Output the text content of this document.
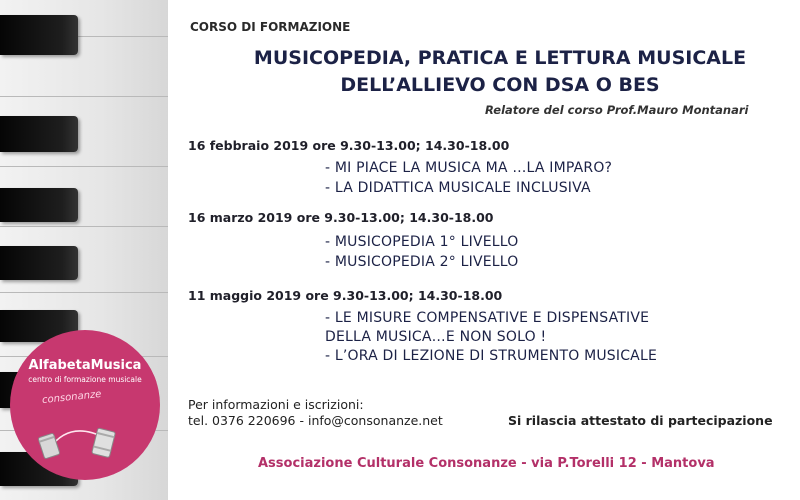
CORSO DI FORMAZIONE
MUSICOPEDIA, PRATICA E LETTURA MUSICALE
DELL’ALLIEVO CON DSA O BES
Relatore del corso Prof.Mauro Montanari
16 febbraio 2019 ore 9.30-13.00; 14.30-18.00
- MI PIACE LA MUSICA MA …LA IMPARO?
- LA DIDATTICA MUSICALE INCLUSIVA
16 marzo 2019 ore 9.30-13.00; 14.30-18.00
- MUSICOPEDIA 1° LIVELLO
- MUSICOPEDIA 2° LIVELLO
11 maggio 2019 ore 9.30-13.00; 14.30-18.00
- LE MISURE COMPENSATIVE E DISPENSATIVE
DELLA MUSICA…E NON SOLO !
- L’ORA DI LEZIONE DI STRUMENTO MUSICALE
AlfabetaMusica
centro di formazione musicale
consonanze	Per informazioni e iscrizioni:
tel. 0376 220696 - info@consonanze.net	Si rilascia attestato di partecipazione
Associazione Culturale Consonanze - via P.Torelli 12 - Mantova
